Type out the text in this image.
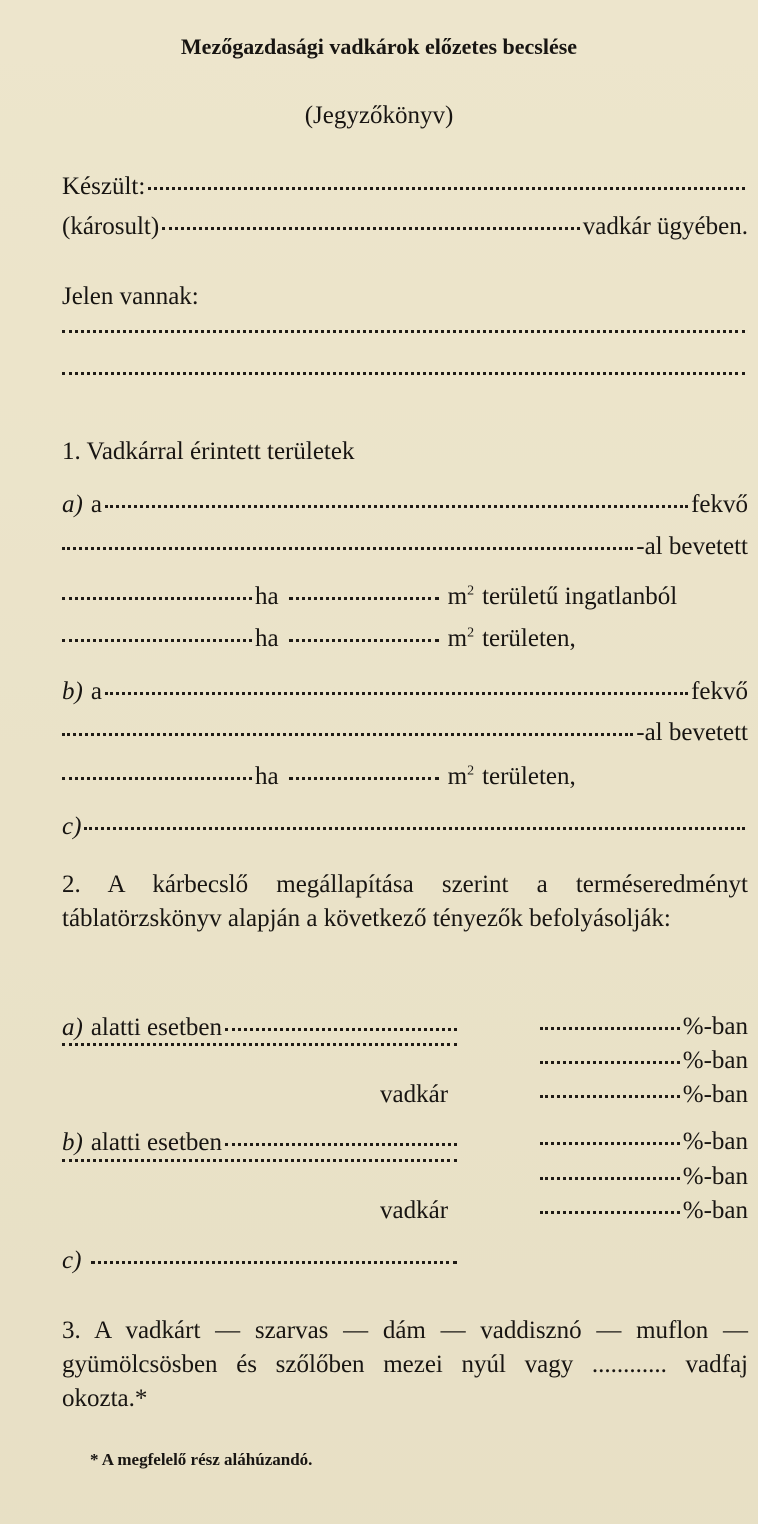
Mezőgazdasági vadkárok előzetes becslése
(Jegyzőkönyv)
Készült:
(károsult)	vadkár ügyében.
Jelen vannak:
1. Vadkárral érintett területek
a) a	fekvő
-al bevetett
ha	$m^2$ területű ingatlanból
ha	$m^2$ területen,
b) a	fekvő
-al bevetett
ha	$m^2$ területen,
c)
2. A kárbecslő megállapítása szerint a terméseredményt táblatörzskönyv alapján a következő tényezők befolyásolják:
a) alatti esetben	%-ban
%-ban
vadkár	%-ban
b) alatti esetben	%-ban
%-ban
vadkár	%-ban
c)
3. A vadkárt — szarvas — dám — vaddisznó — muflon — gyümölcsösben és szőlőben mezei nyúl vagy ............ vadfaj okozta.*
* A megfelelő rész aláhúzandó.
